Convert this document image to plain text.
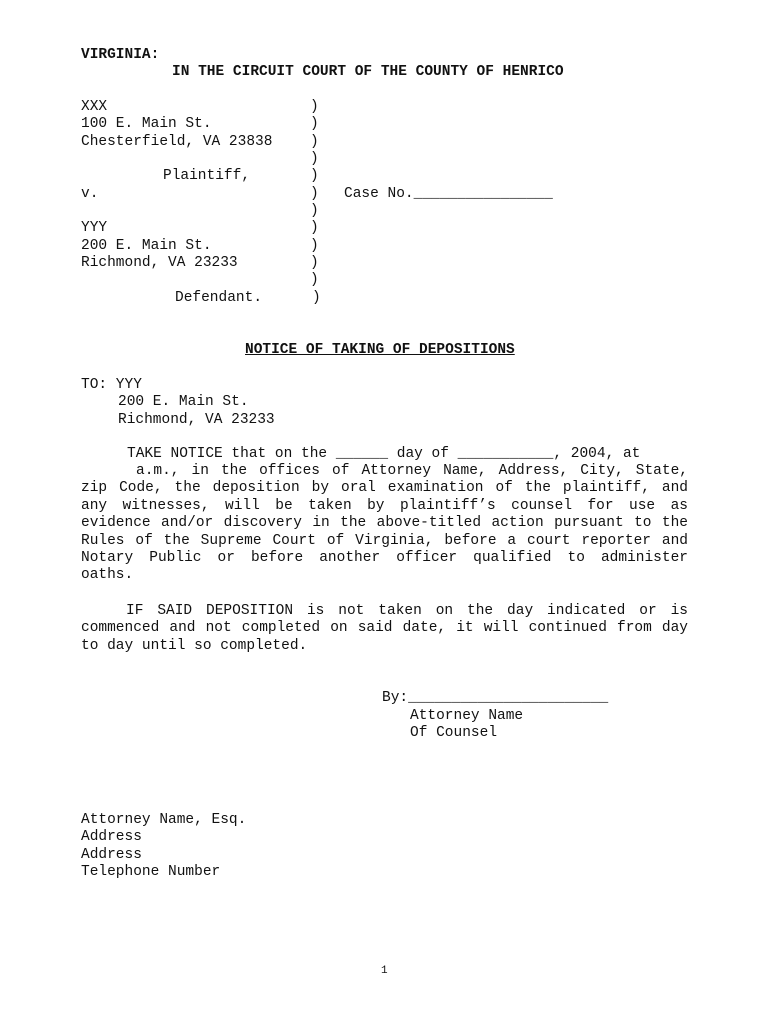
VIRGINIA:
IN THE CIRCUIT COURT OF THE COUNTY OF HENRICO
XXX
100 E. Main St.
Chesterfield, VA 23838
Plaintiff,
v.
YYY
200 E. Main St.
Richmond, VA 23233
Defendant.
)
)
)
)
)
)
)
)
)
)
)
)
Case No.________________
NOTICE OF TAKING OF DEPOSITIONS
TO: YYY
200 E. Main St.
Richmond, VA 23233
TAKE NOTICE that on the ______ day of ___________, 2004, at
a.m., in the offices of Attorney Name, Address, City, State, zip Code, the deposition by oral examination of the plaintiff, and any witnesses, will be taken by plaintiff’s counsel for use as evidence and/or discovery in the above-titled action pursuant to the Rules of the Supreme Court of Virginia, before a court reporter and Notary Public or before another officer qualified to administer oaths.
IF SAID DEPOSITION is not taken on the day indicated or is commenced and not completed on said date, it will continued from day to day until so completed.
By:_______________________
Attorney Name
Of Counsel
Attorney Name, Esq.
Address
Address
Telephone Number
1
